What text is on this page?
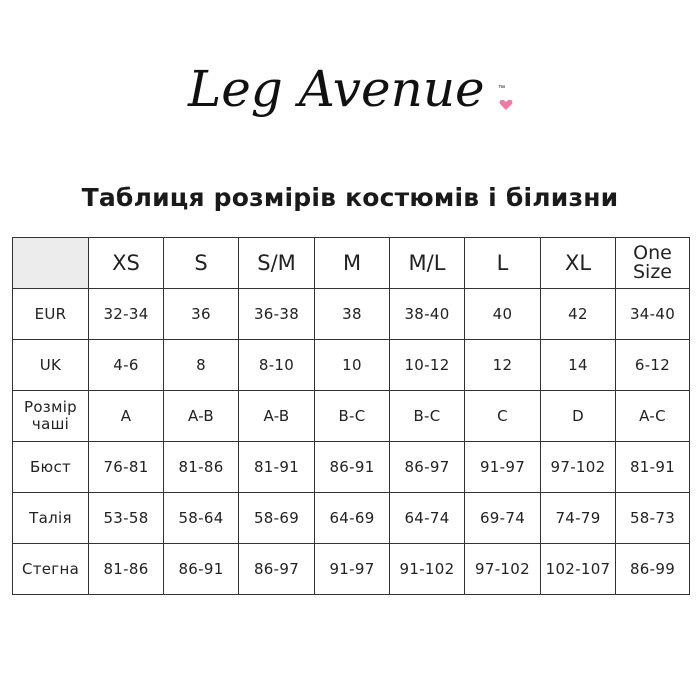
Leg Avenue ™
Таблиця розмірів костюмів і білизни
	XS	S	S/M	M	M/L	L	XL	One
Size
EUR	32-34	36	36-38	38	38-40	40	42	34-40
UK	4-6	8	8-10	10	10-12	12	14	6-12
Розмір чаші	A	A-B	A-B	B-C	B-C	C	D	A-C
Бюст	76-81	81-86	81-91	86-91	86-97	91-97	97-102	81-91
Талія	53-58	58-64	58-69	64-69	64-74	69-74	74-79	58-73
Стегна	81-86	86-91	86-97	91-97	91-102	97-102	102-107	86-99
